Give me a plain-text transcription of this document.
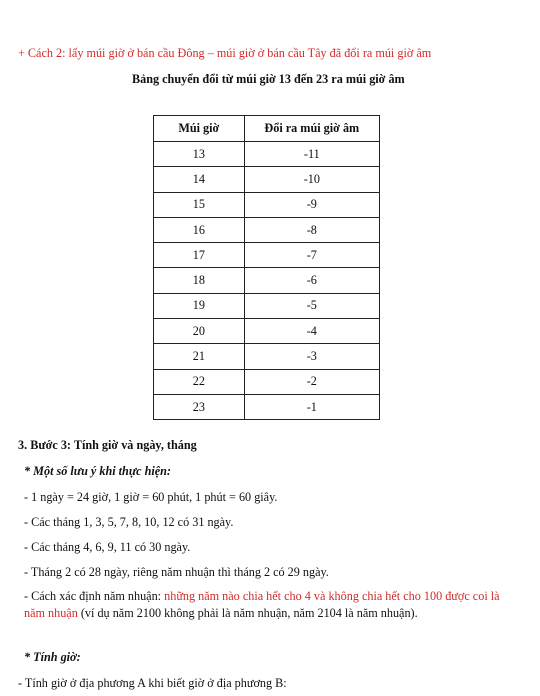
+ Cách 2: lấy múi giờ ở bán cầu Đông – múi giờ ở bán cầu Tây đã đổi ra múi giờ âm
Bảng chuyển đổi từ múi giờ 13 đến 23 ra múi giờ âm
Múi giờ	Đổi ra múi giờ âm
13	-11
14	-10
15	-9
16	-8
17	-7
18	-6
19	-5
20	-4
21	-3
22	-2
23	-1
3. Bước 3: Tính giờ và ngày, tháng
* Một số lưu ý khi thực hiện:
- 1 ngày = 24 giờ, 1 giờ = 60 phút, 1 phút = 60 giây.
- Các tháng 1, 3, 5, 7, 8, 10, 12 có 31 ngày.
- Các tháng 4, 6, 9, 11 có 30 ngày.
- Tháng 2 có 28 ngày, riêng năm nhuận thì tháng 2 có 29 ngày.
- Cách xác định năm nhuận: những năm nào chia hết cho 4 và không chia hết cho 100 được coi là năm nhuận (ví dụ năm 2100 không phải là năm nhuận, năm 2104 là năm nhuận).
* Tính giờ:
- Tính giờ ở địa phương A khi biết giờ ở địa phương B:
